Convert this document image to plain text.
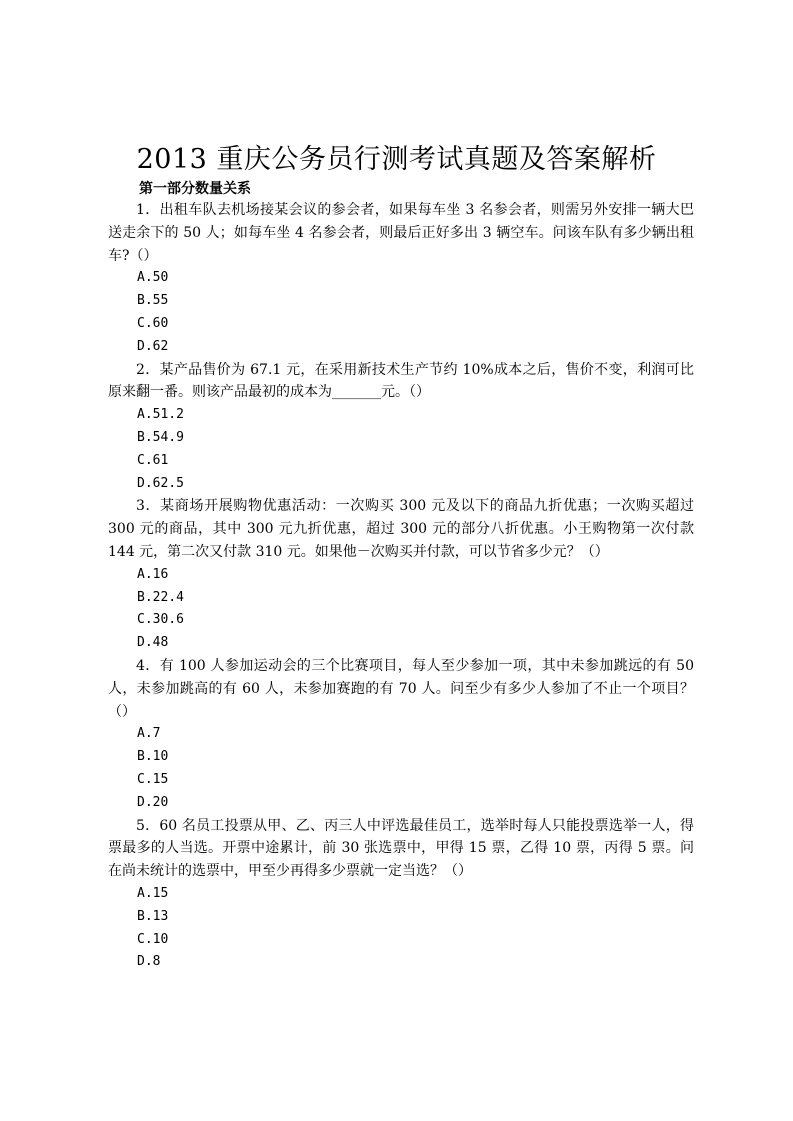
2013 重庆公务员行测考试真题及答案解析
第一部分数量关系

1．出租车队去机场接某会议的参会者，如果每车坐 3 名参会者，则需另外安排一辆大巴送走余下的 50 人；如每车坐 4 名参会者，则最后正好多出 3 辆空车。问该车队有多少辆出租车?（）

A.50
B.55
C.60
D.62

2．某产品售价为 67.1 元，在采用新技术生产节约 10%成本之后，售价不变，利润可比原来翻一番。则该产品最初的成本为_______元。（）

A.51.2
B.54.9
C.61
D.62.5

3．某商场开展购物优惠活动：一次购买 300 元及以下的商品九折优惠；一次购买超过 300 元的商品，其中 300 元九折优惠，超过 300 元的部分八折优惠。小王购物第一次付款 144 元，第二次又付款 310 元。如果他－次购买并付款，可以节省多少元？（）

A.16
B.22.4
C.30.6
D.48

4．有 100 人参加运动会的三个比赛项目，每人至少参加一项，其中未参加跳远的有 50 人，未参加跳高的有 60 人，未参加赛跑的有 70 人。问至少有多少人参加了不止一个项目？（）

A.7
B.10
C.15
D.20

5．60 名员工投票从甲、乙、丙三人中评选最佳员工，选举时每人只能投票选举一人，得票最多的人当选。开票中途累计，前 30 张选票中，甲得 15 票，乙得 10 票，丙得 5 票。问在尚未统计的选票中，甲至少再得多少票就一定当选？（）

A.15
B.13
C.10
D.8
